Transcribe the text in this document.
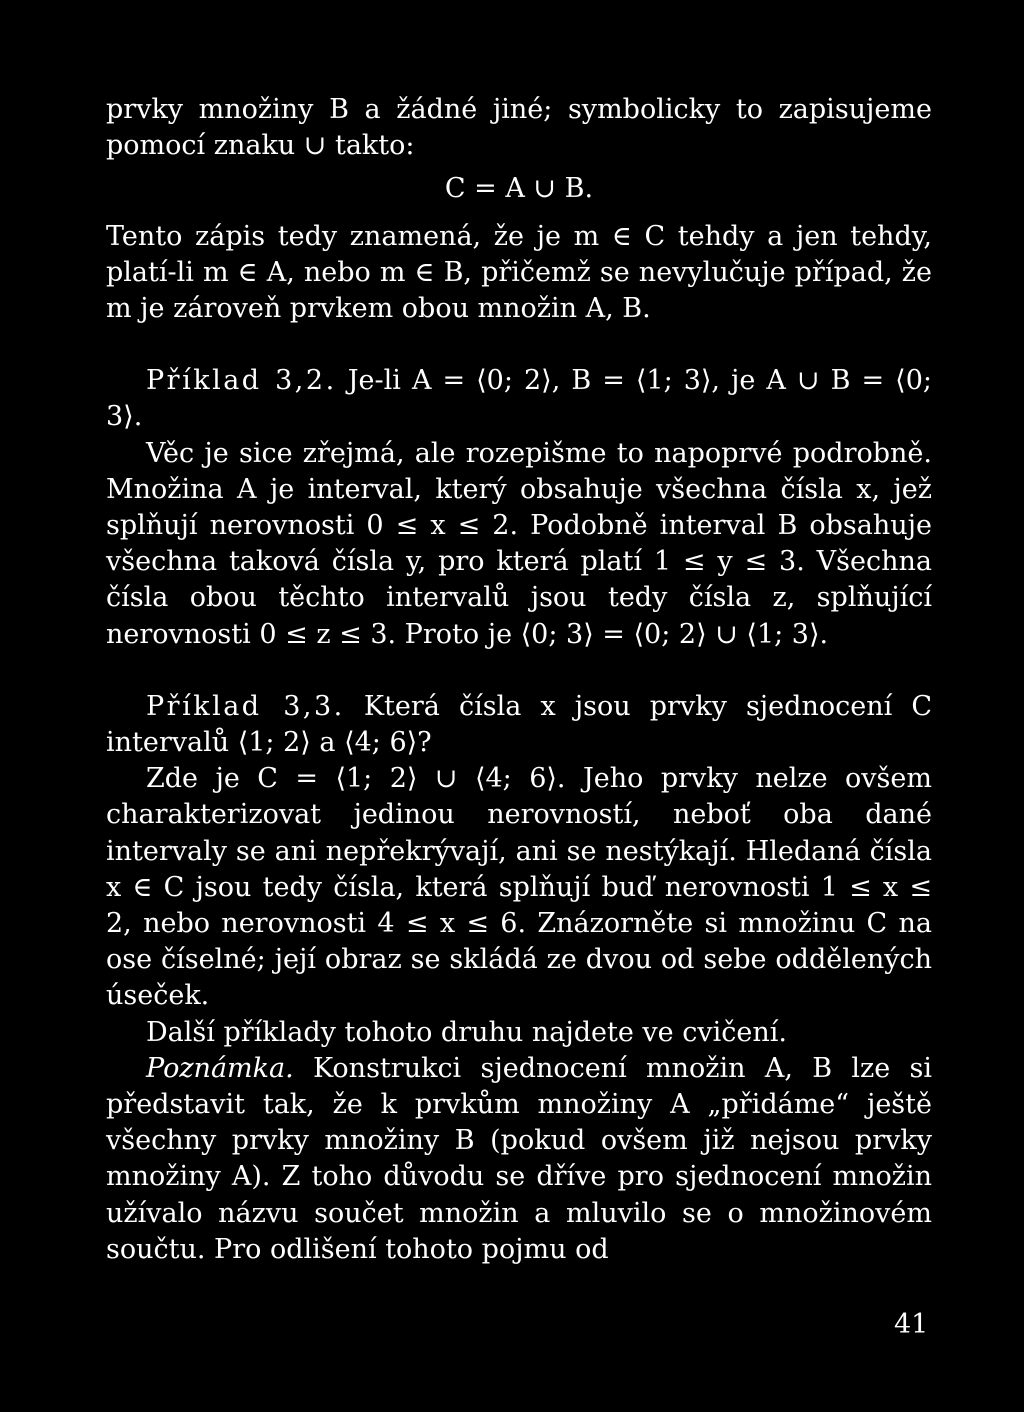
prvky množiny B a žádné jiné; symbolicky to zapisujeme pomocí znaku ∪ takto:

C = A ∪ B.

Tento zápis tedy znamená, že je m ∈ C tehdy a jen tehdy, platí-li m ∈ A, nebo m ∈ B, přičemž se nevylučuje případ, že m je zároveň prvkem obou množin A, B.

Příklad 3,2. Je-li A = ⟨0; 2⟩, B = ⟨1; 3⟩, je A ∪ B = ⟨0; 3⟩.

Věc je sice zřejmá, ale rozepišme to napoprvé podrobně. Množina A je interval, který obsahuje všechna čísla x, jež splňují nerovnosti 0 ≤ x ≤ 2. Podobně interval B obsahuje všechna taková čísla y, pro která platí 1 ≤ y ≤ 3. Všechna čísla obou těchto intervalů jsou tedy čísla z, splňující nerovnosti 0 ≤ z ≤ 3. Proto je ⟨0; 3⟩ = ⟨0; 2⟩ ∪ ⟨1; 3⟩.

Příklad 3,3. Která čísla x jsou prvky sjednocení C intervalů ⟨1; 2⟩ a ⟨4; 6⟩?

Zde je C = ⟨1; 2⟩ ∪ ⟨4; 6⟩. Jeho prvky nelze ovšem charakterizovat jedinou nerovností, neboť oba dané intervaly se ani nepřekrývají, ani se nestýkají. Hledaná čísla x ∈ C jsou tedy čísla, která splňují buď nerovnosti 1 ≤ x ≤ 2, nebo nerovnosti 4 ≤ x ≤ 6. Znázorněte si množinu C na ose číselné; její obraz se skládá ze dvou od sebe oddělených úseček.

Další příklady tohoto druhu najdete ve cvičení.

Poznámka. Konstrukci sjednocení množin A, B lze si představit tak, že k prvkům množiny A „přidáme“ ještě všechny prvky množiny B (pokud ovšem již nejsou prvky množiny A). Z toho důvodu se dříve pro sjednocení množin užívalo názvu součet množin a mluvilo se o množinovém součtu. Pro odlišení tohoto pojmu od

41
